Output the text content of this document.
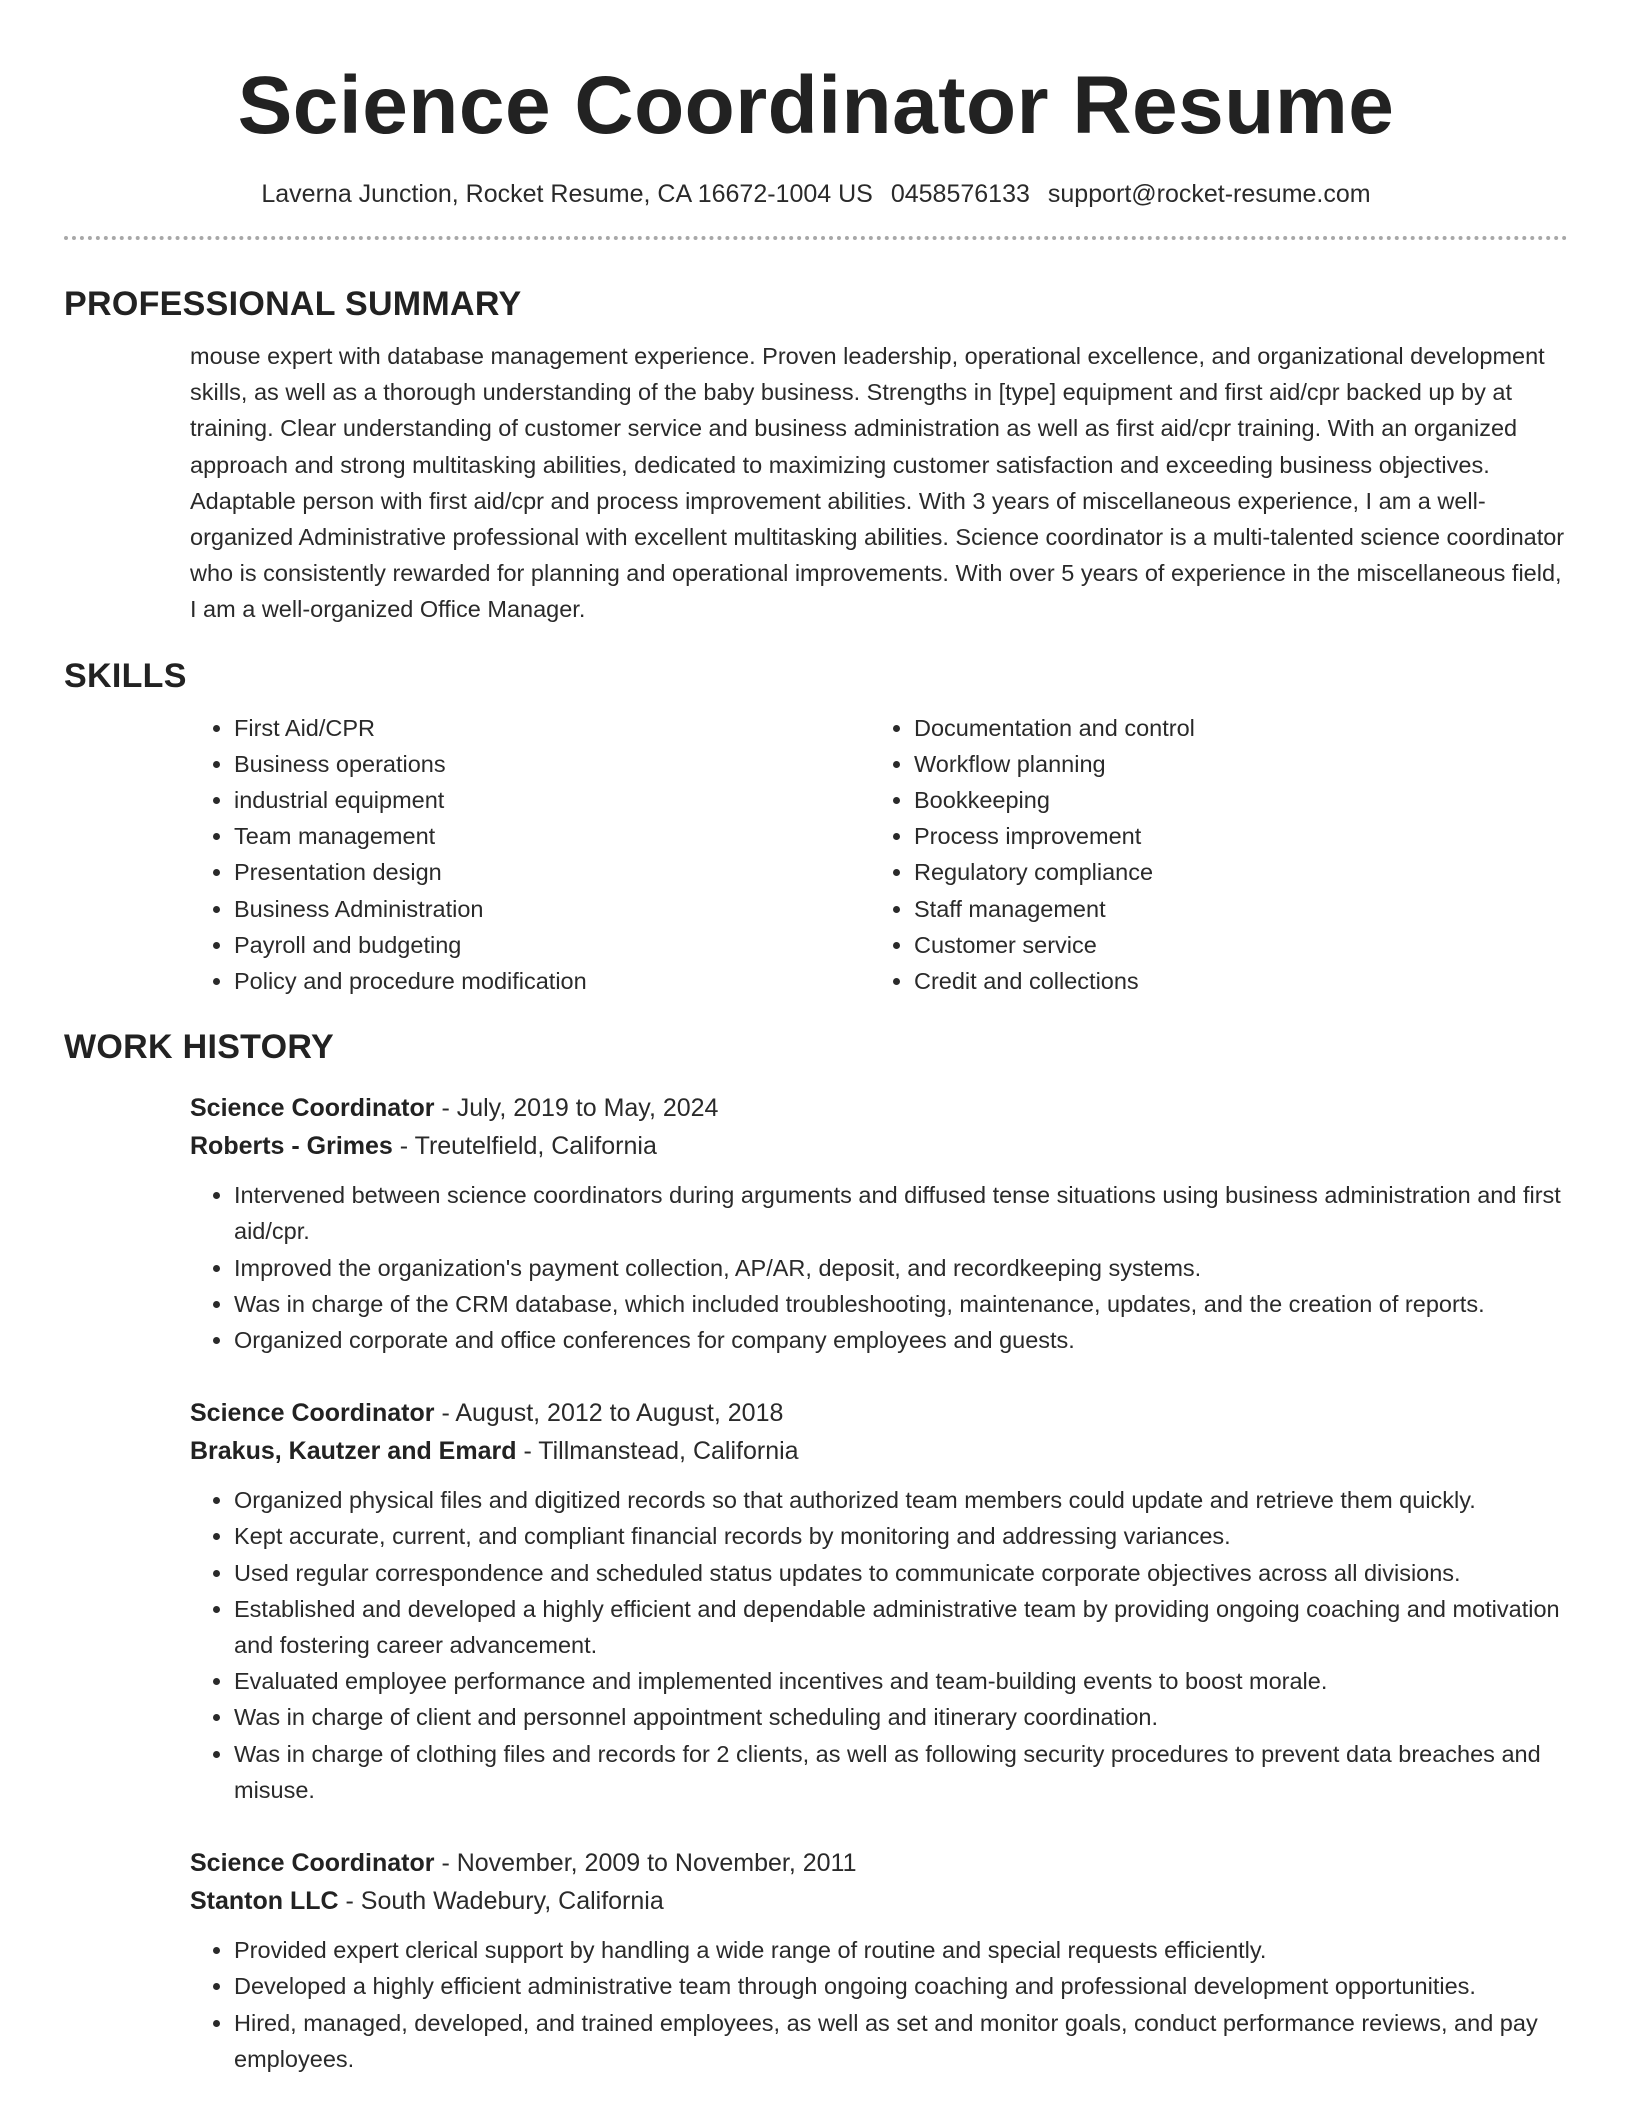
Science Coordinator Resume
Laverna Junction, Rocket Resume, CA 16672-1004 US 0458576133 support@rocket-resume.com
PROFESSIONAL SUMMARY

mouse expert with database management experience. Proven leadership, operational excellence, and organizational development skills, as well as a thorough understanding of the baby business. Strengths in [type] equipment and first aid/cpr backed up by at training. Clear understanding of customer service and business administration as well as first aid/cpr training. With an organized approach and strong multitasking abilities, dedicated to maximizing customer satisfaction and exceeding business objectives. Adaptable person with first aid/cpr and process improvement abilities. With 3 years of miscellaneous experience, I am a well-organized Administrative professional with excellent multitasking abilities. Science coordinator is a multi-talented science coordinator who is consistently rewarded for planning and operational improvements. With over 5 years of experience in the miscellaneous field, I am a well-organized Office Manager.

SKILLS
• First Aid/CPR
• Business operations
• industrial equipment
• Team management
• Presentation design
• Business Administration
• Payroll and budgeting
• Policy and procedure modification
• Documentation and control
• Workflow planning
• Bookkeeping
• Process improvement
• Regulatory compliance
• Staff management
• Customer service
• Credit and collections
WORK HISTORY
Science Coordinator - July, 2019 to May, 2024
Roberts - Grimes - Treutelfield, California
• Intervened between science coordinators during arguments and diffused tense situations using business administration and first aid/cpr.
• Improved the organization's payment collection, AP/AR, deposit, and recordkeeping systems.
• Was in charge of the CRM database, which included troubleshooting, maintenance, updates, and the creation of reports.
• Organized corporate and office conferences for company employees and guests.
Science Coordinator - August, 2012 to August, 2018
Brakus, Kautzer and Emard - Tillmanstead, California
• Organized physical files and digitized records so that authorized team members could update and retrieve them quickly.
• Kept accurate, current, and compliant financial records by monitoring and addressing variances.
• Used regular correspondence and scheduled status updates to communicate corporate objectives across all divisions.
• Established and developed a highly efficient and dependable administrative team by providing ongoing coaching and motivation and fostering career advancement.
• Evaluated employee performance and implemented incentives and team-building events to boost morale.
• Was in charge of client and personnel appointment scheduling and itinerary coordination.
• Was in charge of clothing files and records for 2 clients, as well as following security procedures to prevent data breaches and misuse.
Science Coordinator - November, 2009 to November, 2011
Stanton LLC - South Wadebury, California
• Provided expert clerical support by handling a wide range of routine and special requests efficiently.
• Developed a highly efficient administrative team through ongoing coaching and professional development opportunities.
• Hired, managed, developed, and trained employees, as well as set and monitor goals, conduct performance reviews, and pay employees.
